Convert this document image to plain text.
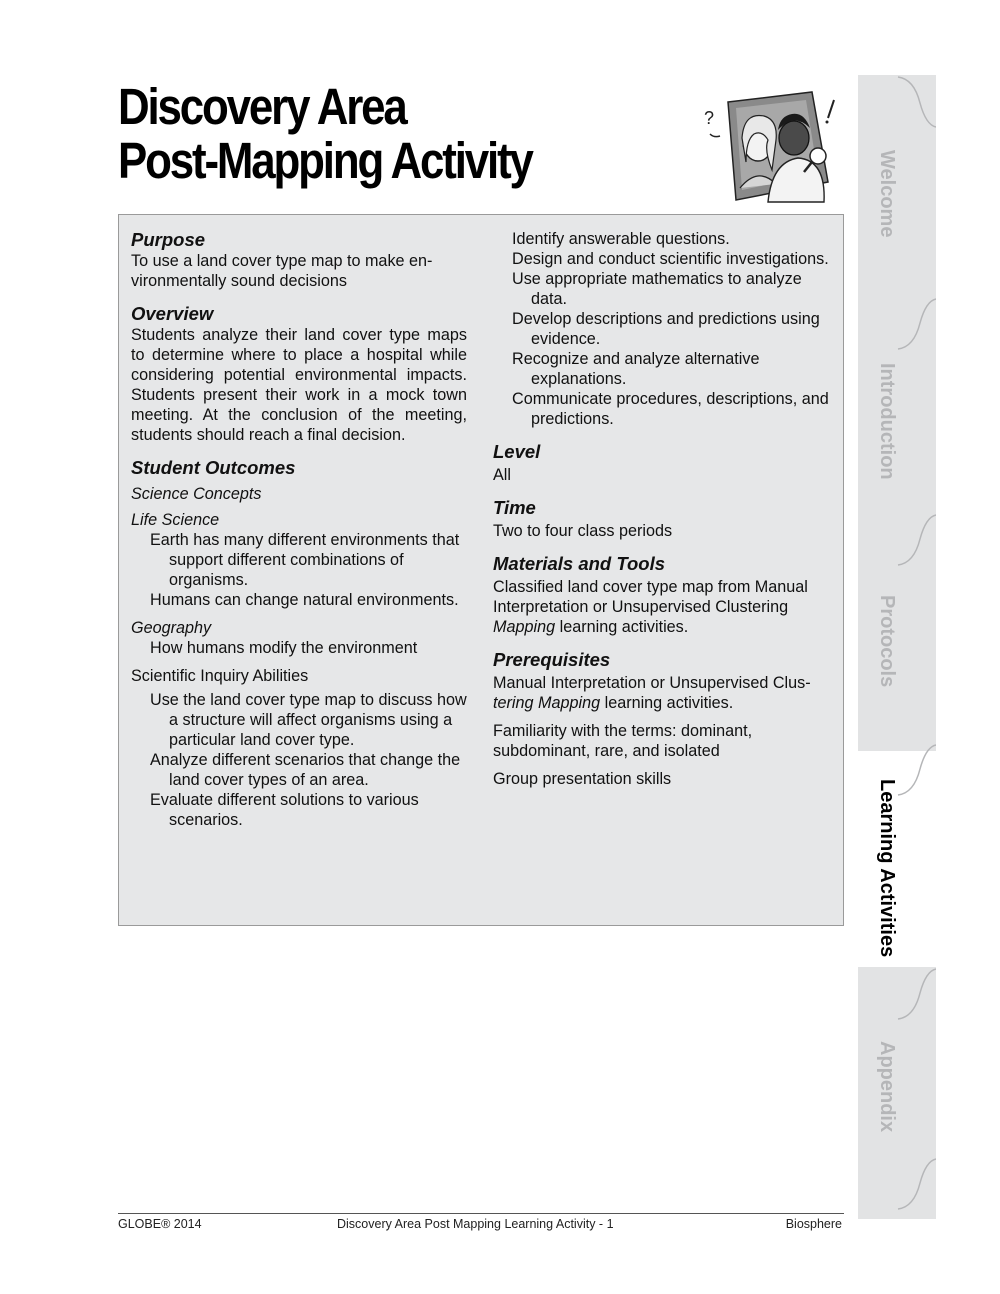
Discovery Area
Post-Mapping Activity
?
Purpose

To use a land cover type map to make en-vironmentally sound decisions

Overview

Students analyze their land cover type maps to determine where to place a hospital while considering potential environmental impacts. Students present their work in a mock town meeting. At the conclusion of the meeting, students should reach a final decision.

Student Outcomes
Science Concepts
Life Science
Earth has many different environments that support different combinations of organisms.
Humans can change natural environments.
Geography
How humans modify the environment
Scientific Inquiry Abilities
Use the land cover type map to discuss how a structure will affect organisms using a particular land cover type.
Analyze different scenarios that change the land cover types of an area.
Evaluate different solutions to various scenarios.
Identify answerable questions.
Design and conduct scientific investigations.
Use appropriate mathematics to analyze data.
Develop descriptions and predictions using evidence.
Recognize and analyze alternative explanations.
Communicate procedures, descriptions, and predictions.
Level

All

Time

Two to four class periods

Materials and Tools

Classified land cover type map from Manual Interpretation or Unsupervised Clustering Mapping learning activities.

Prerequisites

Manual Interpretation or Unsupervised Clus-
tering Mapping learning activities.

Familiarity with the terms: dominant, subdominant, rare, and isolated

Group presentation skills

Welcome
Introduction
Protocols
Learning Activities
Appendix
GLOBE® 2014	Discovery Area Post Mapping Learning Activity - 1	Biosphere
